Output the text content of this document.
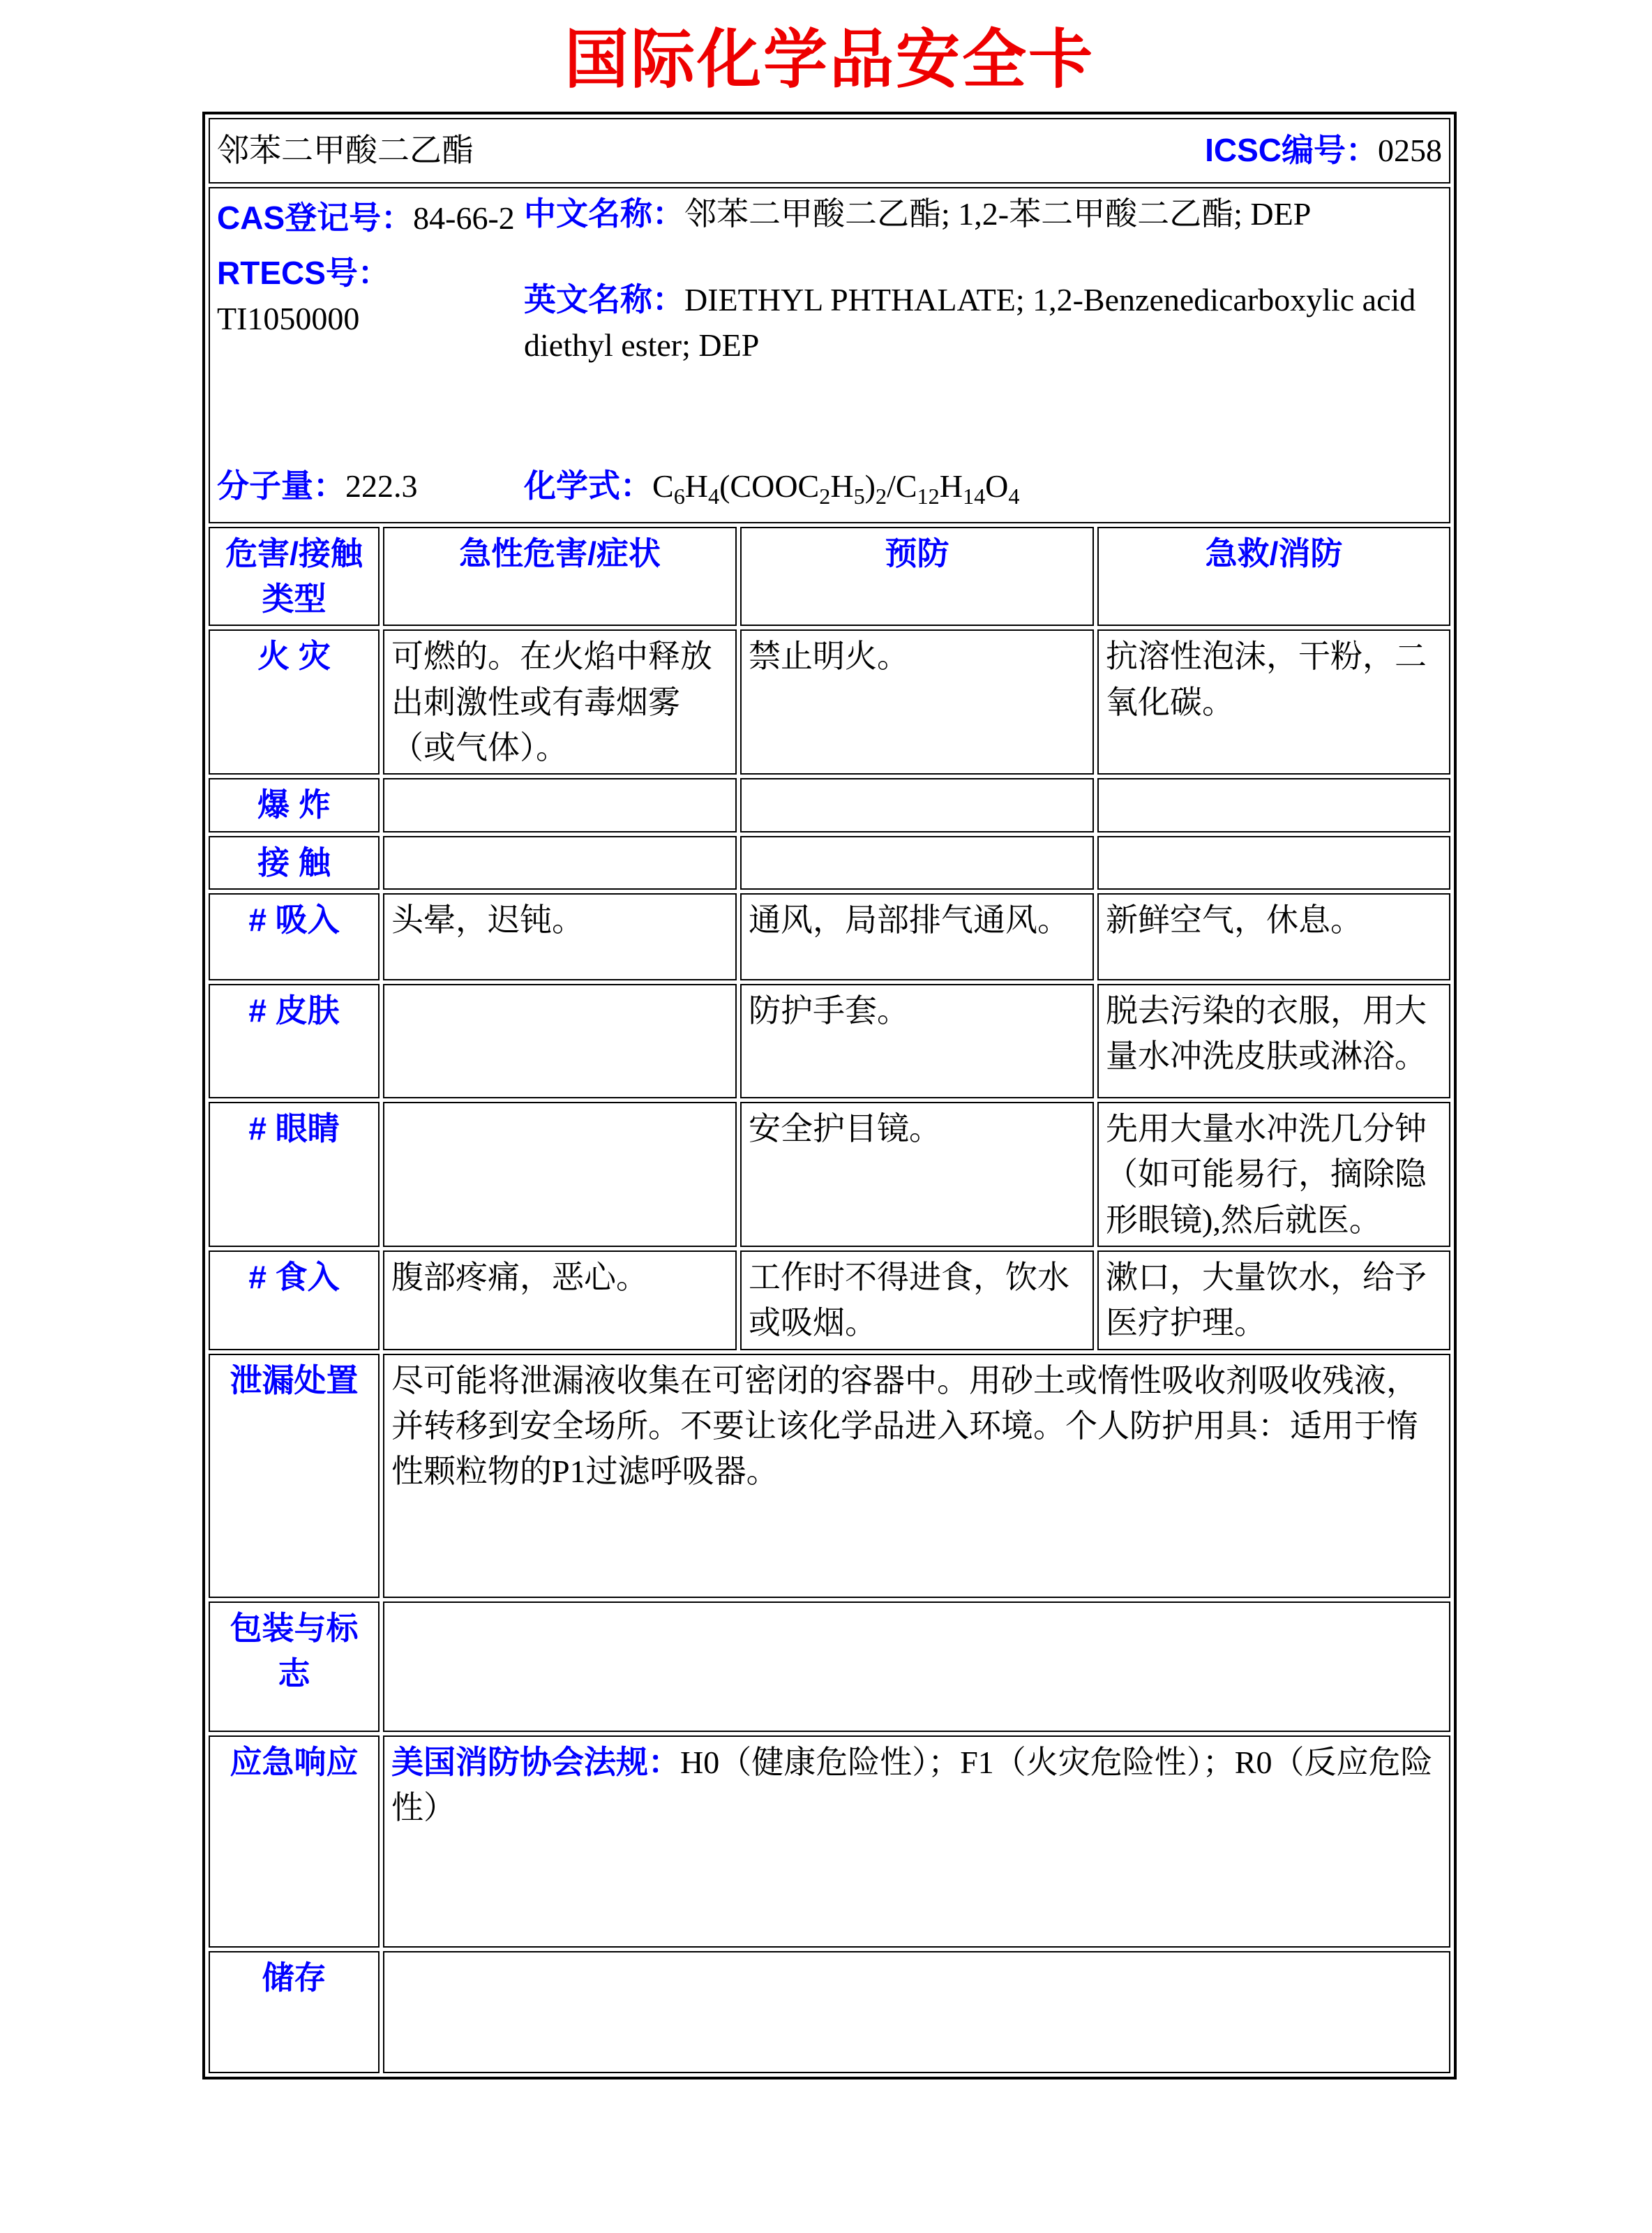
国际化学品安全卡
邻苯二甲酸二乙酯 ICSC编号：0258			

CAS登记号：84-66-2
RTECS号：TI1050000
分子量：222.3
中文名称：邻苯二甲酸二乙酯; 1,2-苯二甲酸二乙酯; DEP
英文名称：DIETHYL PHTHALATE; 1,2-Benzenedicarboxylic acid diethyl ester; DEP
化学式：$C_6H_4(COOC_2H_5)_2/C_{12}H_{14}O_4$

危害/接触类型	急性危害/症状	预防	急救/消防
火 灾	可燃的。在火焰中释放出刺激性或有毒烟雾（或气体）。	禁止明火。	抗溶性泡沫，干粉，二氧化碳。
爆 炸			
接 触			
# 吸入	头晕，迟钝。	通风，局部排气通风。	新鲜空气，休息。
# 皮肤		防护手套。	脱去污染的衣服，用大量水冲洗皮肤或淋浴。
# 眼睛		安全护目镜。	先用大量水冲洗几分钟（如可能易行，摘除隐形眼镜),然后就医。
# 食入	腹部疼痛，恶心。	工作时不得进食，饮水或吸烟。	漱口，大量饮水，给予医疗护理。
泄漏处置	尽可能将泄漏液收集在可密闭的容器中。用砂土或惰性吸收剂吸收残液，并转移到安全场所。不要让该化学品进入环境。个人防护用具：适用于惰性颗粒物的P1过滤呼吸器。		
包装与标志			
应急响应	美国消防协会法规：H0（健康危险性）；F1（火灾危险性）；R0（反应危险性）		
储存			
